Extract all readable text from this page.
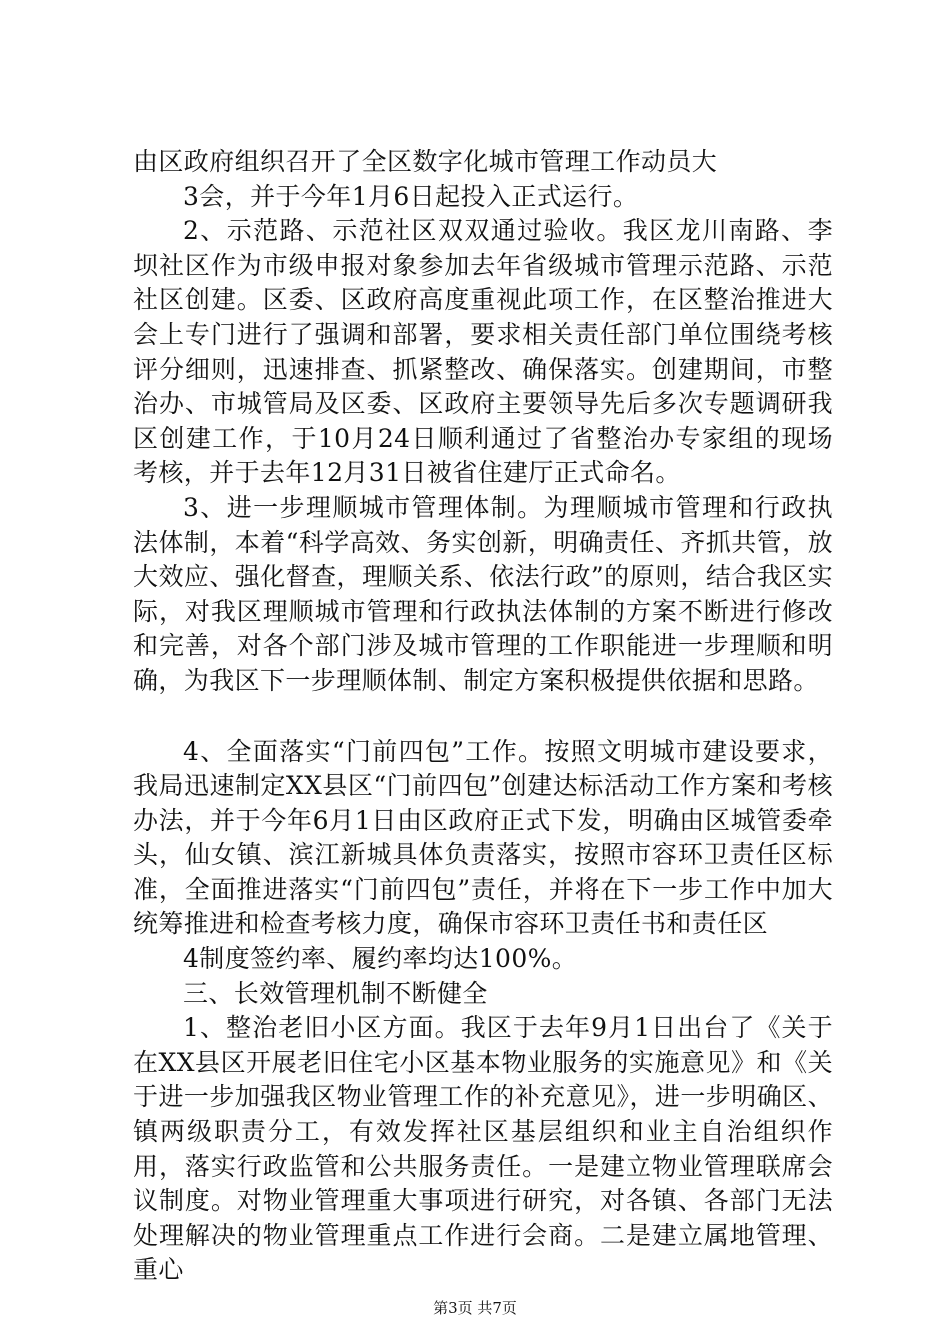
由区政府组织召开了全区数字化城市管理工作动员大

3会，并于今年1月6日起投入正式运行。

2、示范路、示范社区双双通过验收。我区龙川南路、李坝社区作为市级申报对象参加去年省级城市管理示范路、示范社区创建。区委、区政府高度重视此项工作，在区整治推进大会上专门进行了强调和部署，要求相关责任部门单位围绕考核评分细则，迅速排查、抓紧整改、确保落实。创建期间，市整治办、市城管局及区委、区政府主要领导先后多次专题调研我区创建工作，于10月24日顺利通过了省整治办专家组的现场考核，并于去年12月31日被省住建厅正式命名。

3、进一步理顺城市管理体制。为理顺城市管理和行政执法体制，本着“科学高效、务实创新，明确责任、齐抓共管，放大效应、强化督查，理顺关系、依法行政”的原则，结合我区实际，对我区理顺城市管理和行政执法体制的方案不断进行修改和完善，对各个部门涉及城市管理的工作职能进一步理顺和明确，为我区下一步理顺体制、制定方案积极提供依据和思路。

4、全面落实“门前四包”工作。按照文明城市建设要求，我局迅速制定XX县区“门前四包”创建达标活动工作方案和考核办法，并于今年6月1日由区政府正式下发，明确由区城管委牵头，仙女镇、滨江新城具体负责落实，按照市容环卫责任区标准，全面推进落实“门前四包”责任，并将在下一步工作中加大统筹推进和检查考核力度，确保市容环卫责任书和责任区

4制度签约率、履约率均达100%。

三、长效管理机制不断健全

1、整治老旧小区方面。我区于去年9月1日出台了《关于在XX县区开展老旧住宅小区基本物业服务的实施意见》和《关于进一步加强我区物业管理工作的补充意见》，进一步明确区、镇两级职责分工，有效发挥社区基层组织和业主自治组织作用，落实行政监管和公共服务责任。一是建立物业管理联席会议制度。对物业管理重大事项进行研究，对各镇、各部门无法处理解决的物业管理重点工作进行会商。二是建立属地管理、重心

第3页 共7页
